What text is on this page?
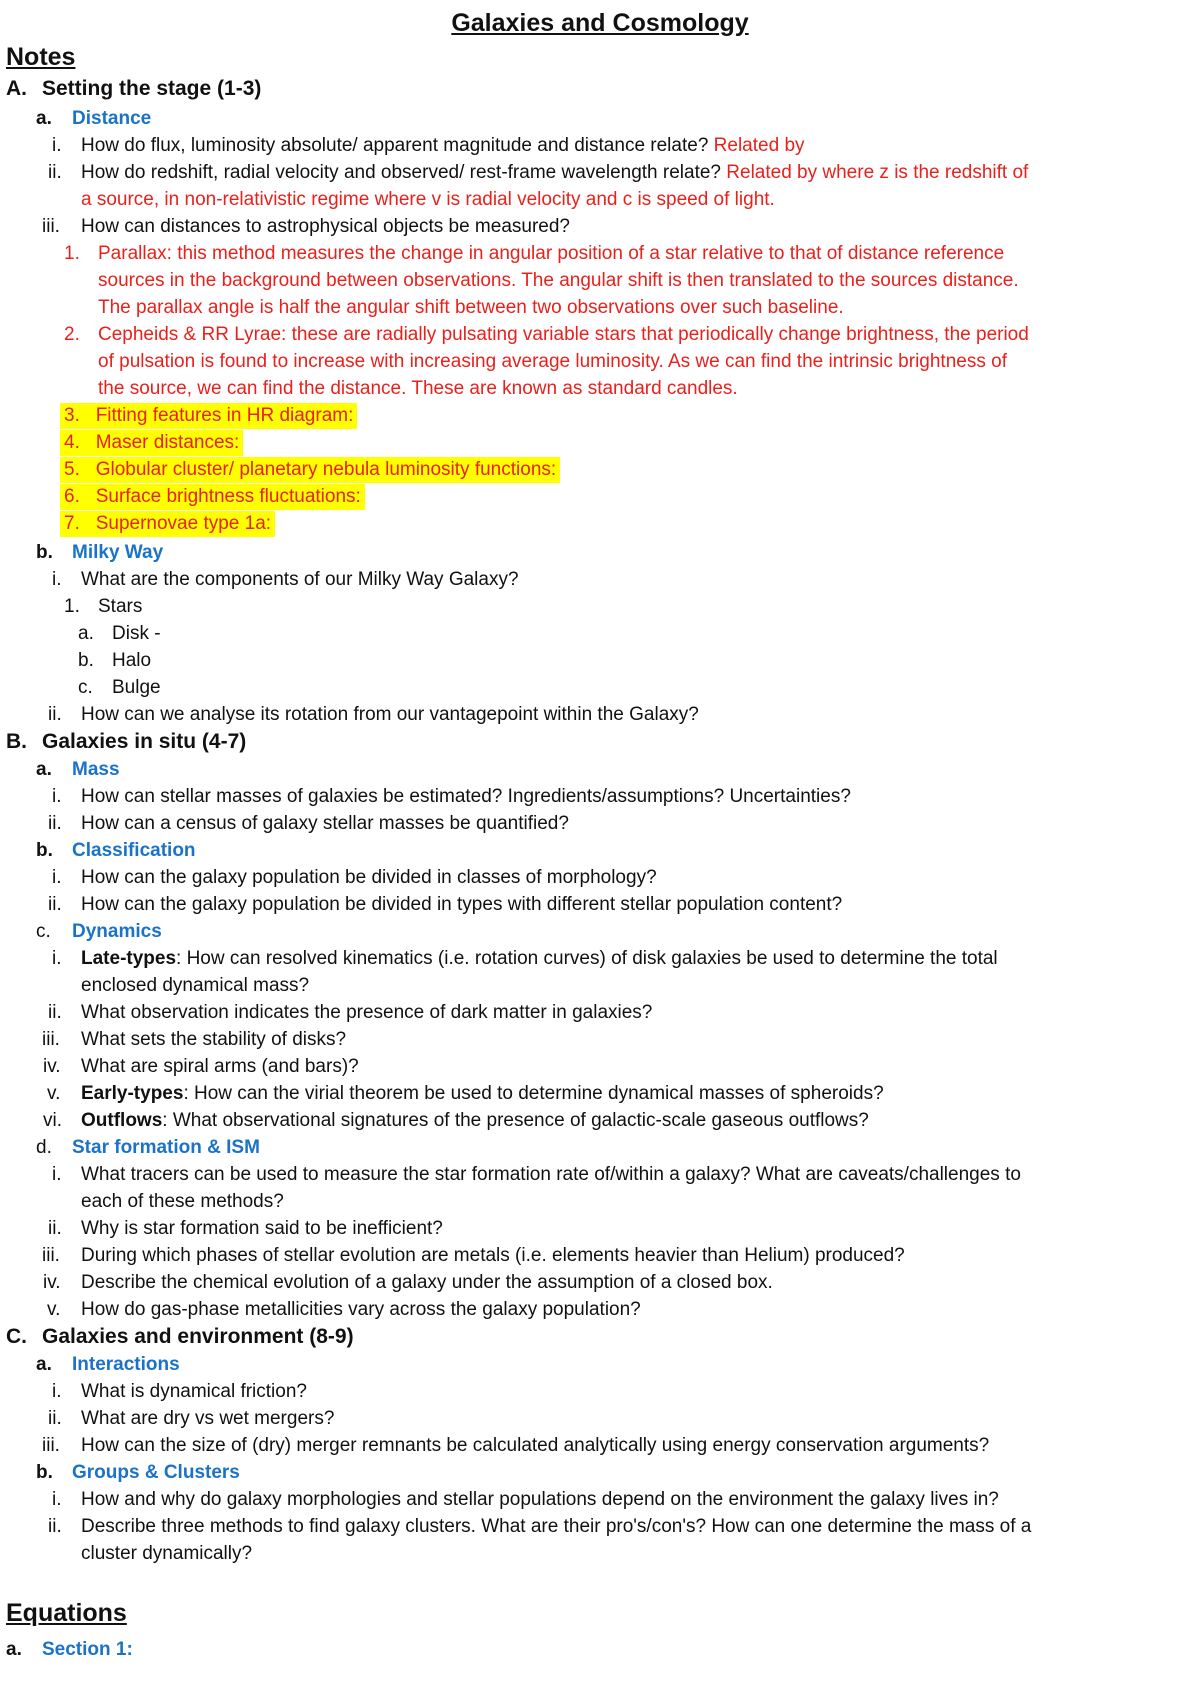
Galaxies and Cosmology
Notes
A. Setting the stage (1-3)
a. Distance
i. How do flux, luminosity absolute/ apparent magnitude and distance relate? Related by
ii. How do redshift, radial velocity and observed/ rest-frame wavelength relate? Related by where z is the redshift of
a source, in non-relativistic regime where v is radial velocity and c is speed of light.
iii. How can distances to astrophysical objects be measured?
1. Parallax: this method measures the change in angular position of a star relative to that of distance reference
sources in the background between observations. The angular shift is then translated to the sources distance.
The parallax angle is half the angular shift between two observations over such baseline.
2. Cepheids & RR Lyrae: these are radially pulsating variable stars that periodically change brightness, the period
of pulsation is found to increase with increasing average luminosity. As we can find the intrinsic brightness of
the source, we can find the distance. These are known as standard candles.
3. Fitting features in HR diagram:
4. Maser distances:
5. Globular cluster/ planetary nebula luminosity functions:
6. Surface brightness fluctuations:
7. Supernovae type 1a:
b. Milky Way
i. What are the components of our Milky Way Galaxy?
1. Stars
a. Disk -
b. Halo
c. Bulge
ii. How can we analyse its rotation from our vantagepoint within the Galaxy?
B. Galaxies in situ (4-7)
a. Mass
i. How can stellar masses of galaxies be estimated? Ingredients/assumptions? Uncertainties?
ii. How can a census of galaxy stellar masses be quantified?
b. Classification
i. How can the galaxy population be divided in classes of morphology?
ii. How can the galaxy population be divided in types with different stellar population content?
c. Dynamics
i. Late-types: How can resolved kinematics (i.e. rotation curves) of disk galaxies be used to determine the total
enclosed dynamical mass?
ii. What observation indicates the presence of dark matter in galaxies?
iii. What sets the stability of disks?
iv. What are spiral arms (and bars)?
v. Early-types: How can the virial theorem be used to determine dynamical masses of spheroids?
vi. Outflows: What observational signatures of the presence of galactic-scale gaseous outflows?
d. Star formation & ISM
i. What tracers can be used to measure the star formation rate of/within a galaxy? What are caveats/challenges to
each of these methods?
ii. Why is star formation said to be inefficient?
iii. During which phases of stellar evolution are metals (i.e. elements heavier than Helium) produced?
iv. Describe the chemical evolution of a galaxy under the assumption of a closed box.
v. How do gas-phase metallicities vary across the galaxy population?
C. Galaxies and environment (8-9)
a. Interactions
i. What is dynamical friction?
ii. What are dry vs wet mergers?
iii. How can the size of (dry) merger remnants be calculated analytically using energy conservation arguments?
b. Groups & Clusters
i. How and why do galaxy morphologies and stellar populations depend on the environment the galaxy lives in?
ii. Describe three methods to find galaxy clusters. What are their pro's/con's? How can one determine the mass of a
cluster dynamically?
Equations
a. Section 1:
